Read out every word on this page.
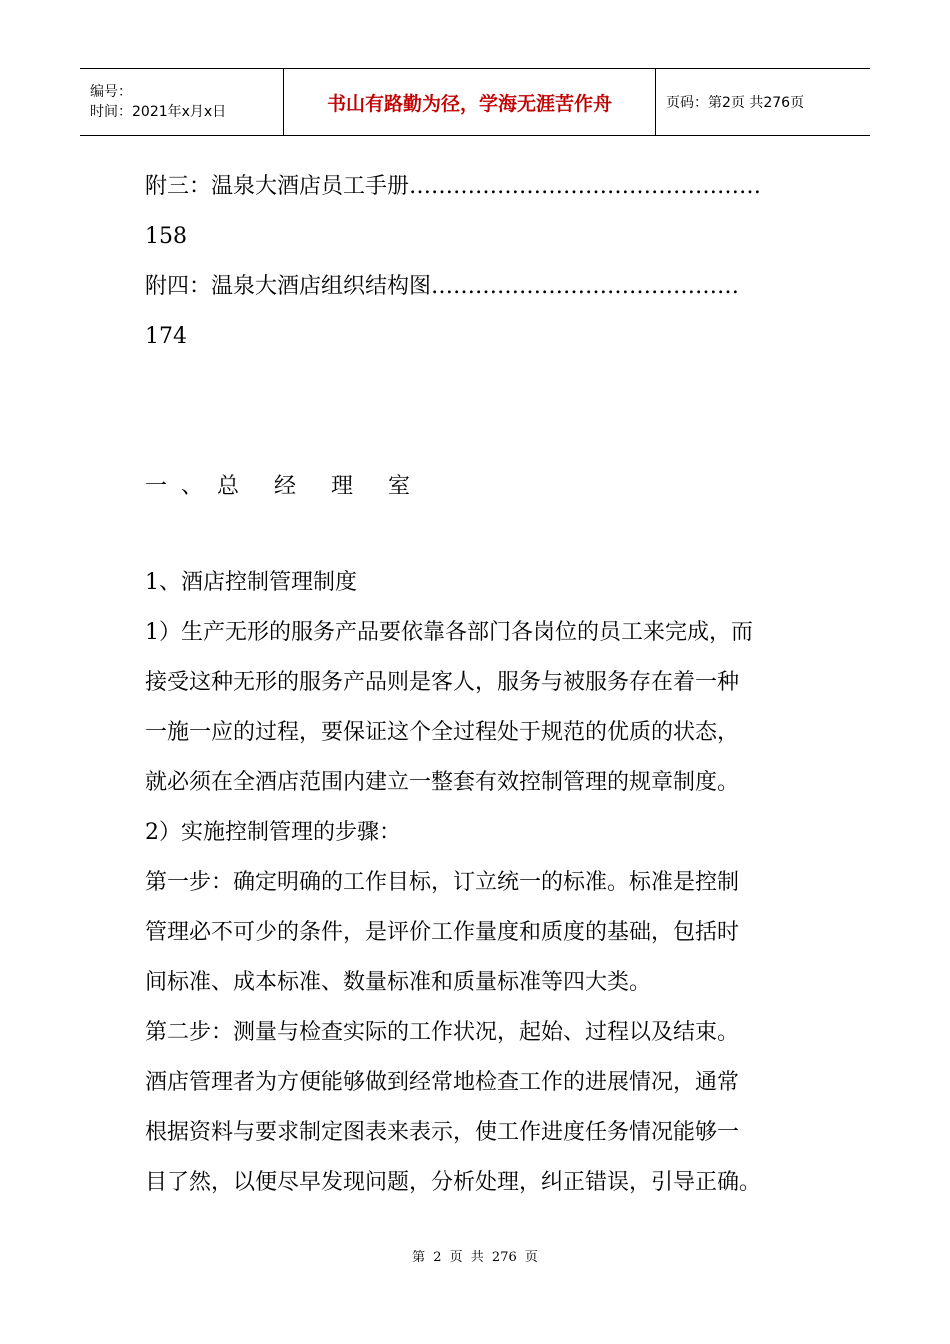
编号：
时间：2021年x月x日	书山有路勤为径，学海无涯苦作舟	页码：第2页 共276页
附三：温泉大酒店员工手册…………………………………………
158
附四：温泉大酒店组织结构图……………………………………
174
一、总 经 理 室
1、酒店控制管理制度
1）生产无形的服务产品要依靠各部门各岗位的员工来完成，而
接受这种无形的服务产品则是客人，服务与被服务存在着一种
一施一应的过程，要保证这个全过程处于规范的优质的状态，
就必须在全酒店范围内建立一整套有效控制管理的规章制度。
2）实施控制管理的步骤：
第一步：确定明确的工作目标，订立统一的标准。标准是控制
管理必不可少的条件，是评价工作量度和质度的基础，包括时
间标准、成本标准、数量标准和质量标准等四大类。
第二步：测量与检查实际的工作状况，起始、过程以及结束。
酒店管理者为方便能够做到经常地检查工作的进展情况，通常
根据资料与要求制定图表来表示，使工作进度任务情况能够一
目了然，以便尽早发现问题，分析处理，纠正错误，引导正确。
第 2 页 共 276 页
